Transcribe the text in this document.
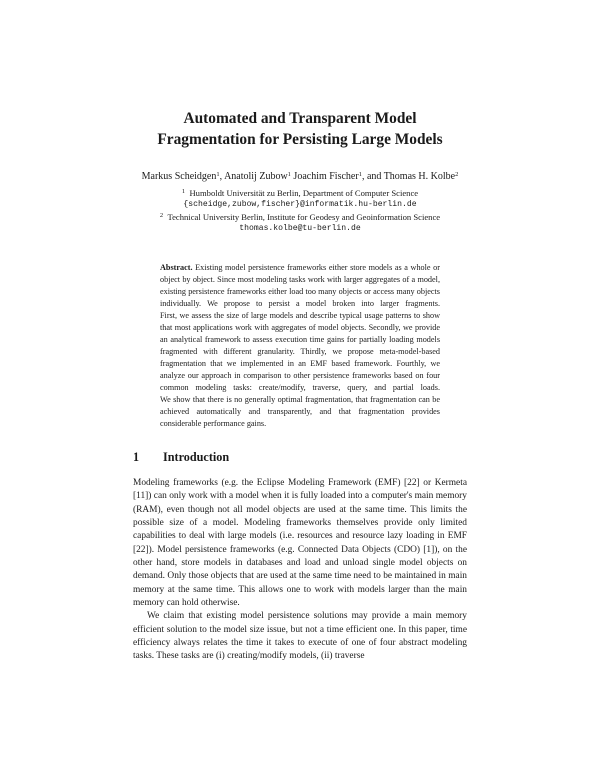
Automated and Transparent Model
Fragmentation for Persisting Large Models
Markus Scheidgen$^1$, Anatolij Zubow$^1$ Joachim Fischer$^1$, and Thomas H. Kolbe$^2$
$^1$ Humboldt Universität zu Berlin, Department of Computer Science
{scheidge,zubow,fischer}@informatik.hu-berlin.de
$^2$ Technical University Berlin, Institute for Geodesy and Geoinformation Science
thomas.kolbe@tu-berlin.de

Abstract. Existing model persistence frameworks either store models as a whole or object by object. Since most modeling tasks work with larger aggregates of a model, existing persistence frameworks either load too many objects or access many objects individually. We propose to persist a model broken into larger fragments.

First, we assess the size of large models and describe typical usage patterns to show that most applications work with aggregates of model objects. Secondly, we provide an analytical framework to assess execution time gains for partially loading models fragmented with different granularity. Thirdly, we propose meta-model-based fragmentation that we implemented in an EMF based framework. Fourthly, we analyze our approach in comparison to other persistence frameworks based on four common modeling tasks: create/modify, traverse, query, and partial loads.

We show that there is no generally optimal fragmentation, that fragmentation can be achieved automatically and transparently, and that fragmentation provides considerable performance gains.

1 Introduction

Modeling frameworks (e.g. the Eclipse Modeling Framework (EMF) [22] or Kermeta [11]) can only work with a model when it is fully loaded into a computer's main memory (RAM), even though not all model objects are used at the same time. This limits the possible size of a model. Modeling frameworks themselves provide only limited capabilities to deal with large models (i.e. resources and resource lazy loading in EMF [22]). Model persistence frameworks (e.g. Connected Data Objects (CDO) [1]), on the other hand, store models in databases and load and unload single model objects on demand. Only those objects that are used at the same time need to be maintained in main memory at the same time. This allows one to work with models larger than the main memory can hold otherwise.

We claim that existing model persistence solutions may provide a main memory efficient solution to the model size issue, but not a time efficient one. In this paper, time efficiency always relates the time it takes to execute of one of four abstract modeling tasks. These tasks are (i) creating/modify models, (ii) traverse
